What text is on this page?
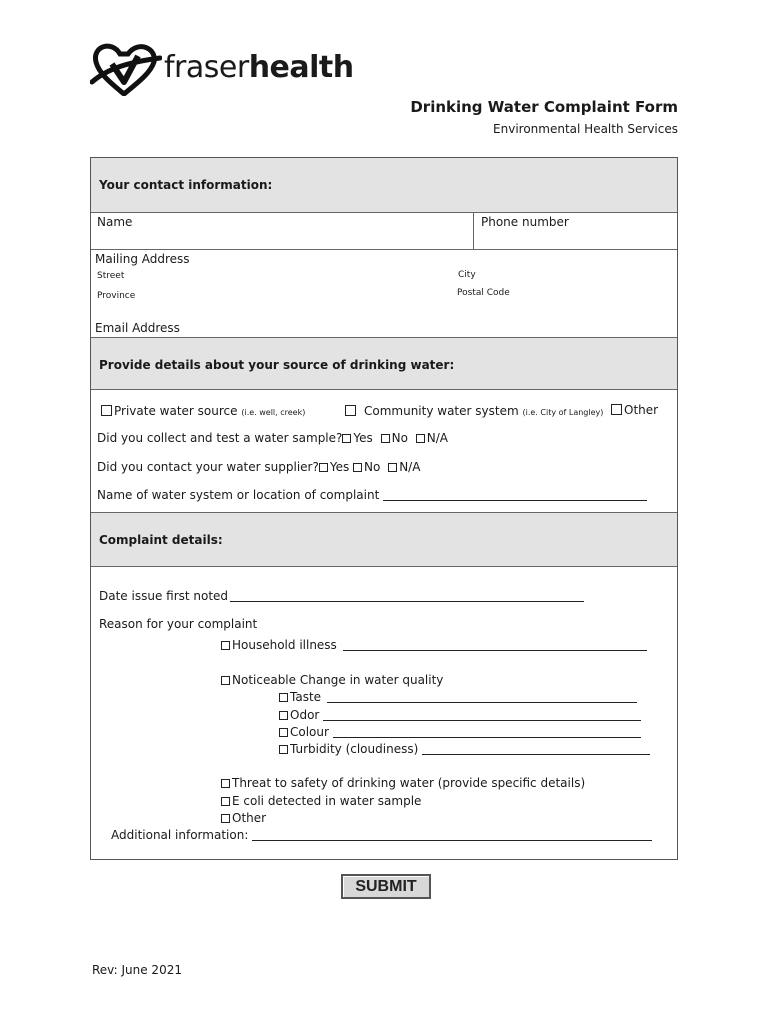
fraserhealth
Drinking Water Complaint Form
Environmental Health Services
Your contact information:
Name	Phone number
Mailing Address
Street	City
Province	Postal Code
Email Address
Provide details about your source of drinking water:
Private water source (i.e. well, creek)	Community water system (i.e. City of Langley)	Other
Did you collect and test a water sample? Yes No N/A
Did you contact your water supplier? Yes No N/A
Name of water system or location of complaint
Complaint details:
Date issue first noted
Reason for your complaint
Household illness
Noticeable Change in water quality
Taste
Odor
Colour
Turbidity (cloudiness)
Threat to safety of drinking water (provide specific details)
E coli detected in water sample
Other
Additional information:
SUBMIT
Rev: June 2021
